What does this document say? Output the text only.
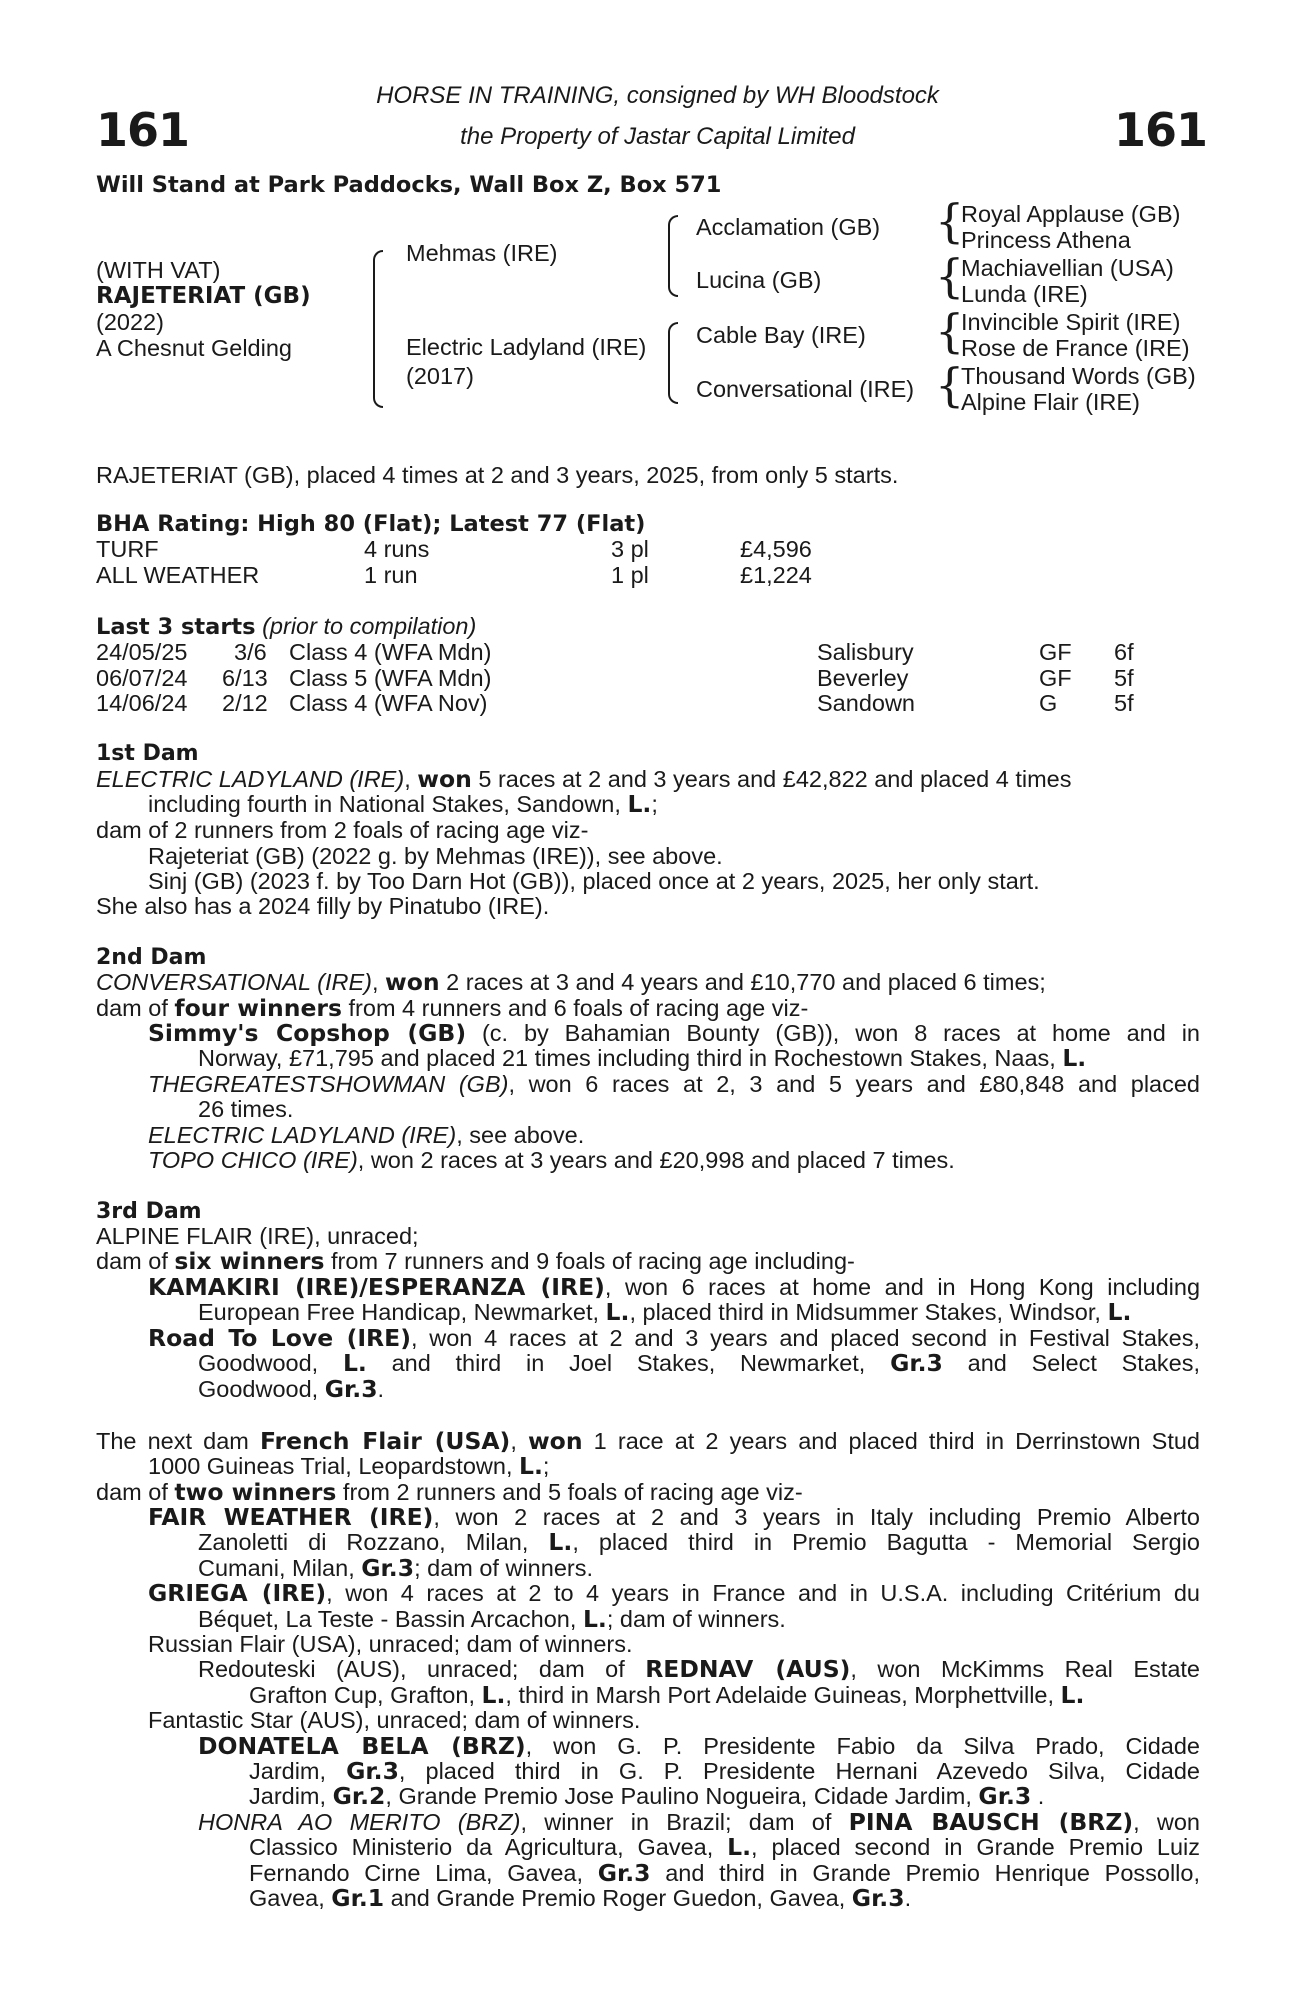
161	161
HORSE IN TRAINING, consigned by WH Bloodstock
the Property of Jastar Capital Limited
Will Stand at Park Paddocks, Wall Box Z, Box 571
(WITH VAT)
RAJETERIAT (GB)
(2022)
A Chesnut Gelding
Mehmas (IRE)
Electric Ladyland (IRE)
(2017)
Acclamation (GB)
Lucina (GB)
Cable Bay (IRE)
Conversational (IRE)
{
{
{
{
Royal Applause (GB)
Princess Athena
Machiavellian (USA)
Lunda (IRE)
Invincible Spirit (IRE)
Rose de France (IRE)
Thousand Words (GB)
Alpine Flair (IRE)
RAJETERIAT (GB), placed 4 times at 2 and 3 years, 2025, from only 5 starts.
BHA Rating: High 80 (Flat); Latest 77 (Flat)
TURF	4 runs	3 pl	£4,596
ALL WEATHER	1 run	1 pl	£1,224
Last 3 starts (prior to compilation)
24/05/25 3/6 Class 4 (WFA Mdn)	Salisbury	GF 6f
06/07/24 6/13 Class 5 (WFA Mdn)	Beverley	GF 5f
14/06/24 2/12 Class 4 (WFA Nov)	Sandown	G 5f
1st Dam
ELECTRIC LADYLAND (IRE), won 5 races at 2 and 3 years and £42,822 and placed 4 times
including fourth in National Stakes, Sandown, L.;
dam of 2 runners from 2 foals of racing age viz-
Rajeteriat (GB) (2022 g. by Mehmas (IRE)), see above.
Sinj (GB) (2023 f. by Too Darn Hot (GB)), placed once at 2 years, 2025, her only start.
She also has a 2024 filly by Pinatubo (IRE).
2nd Dam
CONVERSATIONAL (IRE), won 2 races at 3 and 4 years and £10,770 and placed 6 times;
dam of four winners from 4 runners and 6 foals of racing age viz-
Simmy's Copshop (GB) (c. by Bahamian Bounty (GB)), won 8 races at home and in
Norway, £71,795 and placed 21 times including third in Rochestown Stakes, Naas, L.
THEGREATESTSHOWMAN (GB), won 6 races at 2, 3 and 5 years and £80,848 and placed
26 times.
ELECTRIC LADYLAND (IRE), see above.
TOPO CHICO (IRE), won 2 races at 3 years and £20,998 and placed 7 times.
3rd Dam
ALPINE FLAIR (IRE), unraced;
dam of six winners from 7 runners and 9 foals of racing age including-
KAMAKIRI (IRE)/ESPERANZA (IRE), won 6 races at home and in Hong Kong including
European Free Handicap, Newmarket, L., placed third in Midsummer Stakes, Windsor, L.
Road To Love (IRE), won 4 races at 2 and 3 years and placed second in Festival Stakes,
Goodwood, L. and third in Joel Stakes, Newmarket, Gr.3 and Select Stakes,
Goodwood, Gr.3.
The next dam French Flair (USA), won 1 race at 2 years and placed third in Derrinstown Stud
1000 Guineas Trial, Leopardstown, L.;
dam of two winners from 2 runners and 5 foals of racing age viz-
FAIR WEATHER (IRE), won 2 races at 2 and 3 years in Italy including Premio Alberto
Zanoletti di Rozzano, Milan, L., placed third in Premio Bagutta - Memorial Sergio
Cumani, Milan, Gr.3; dam of winners.
GRIEGA (IRE), won 4 races at 2 to 4 years in France and in U.S.A. including Critérium du
Béquet, La Teste - Bassin Arcachon, L.; dam of winners.
Russian Flair (USA), unraced; dam of winners.
Redouteski (AUS), unraced; dam of REDNAV (AUS), won McKimms Real Estate
Grafton Cup, Grafton, L., third in Marsh Port Adelaide Guineas, Morphettville, L.
Fantastic Star (AUS), unraced; dam of winners.
DONATELA BELA (BRZ), won G. P. Presidente Fabio da Silva Prado, Cidade
Jardim, Gr.3, placed third in G. P. Presidente Hernani Azevedo Silva, Cidade
Jardim, Gr.2, Grande Premio Jose Paulino Nogueira, Cidade Jardim, Gr.3 .
HONRA AO MERITO (BRZ), winner in Brazil; dam of PINA BAUSCH (BRZ), won
Classico Ministerio da Agricultura, Gavea, L., placed second in Grande Premio Luiz
Fernando Cirne Lima, Gavea, Gr.3 and third in Grande Premio Henrique Possollo,
Gavea, Gr.1 and Grande Premio Roger Guedon, Gavea, Gr.3.
